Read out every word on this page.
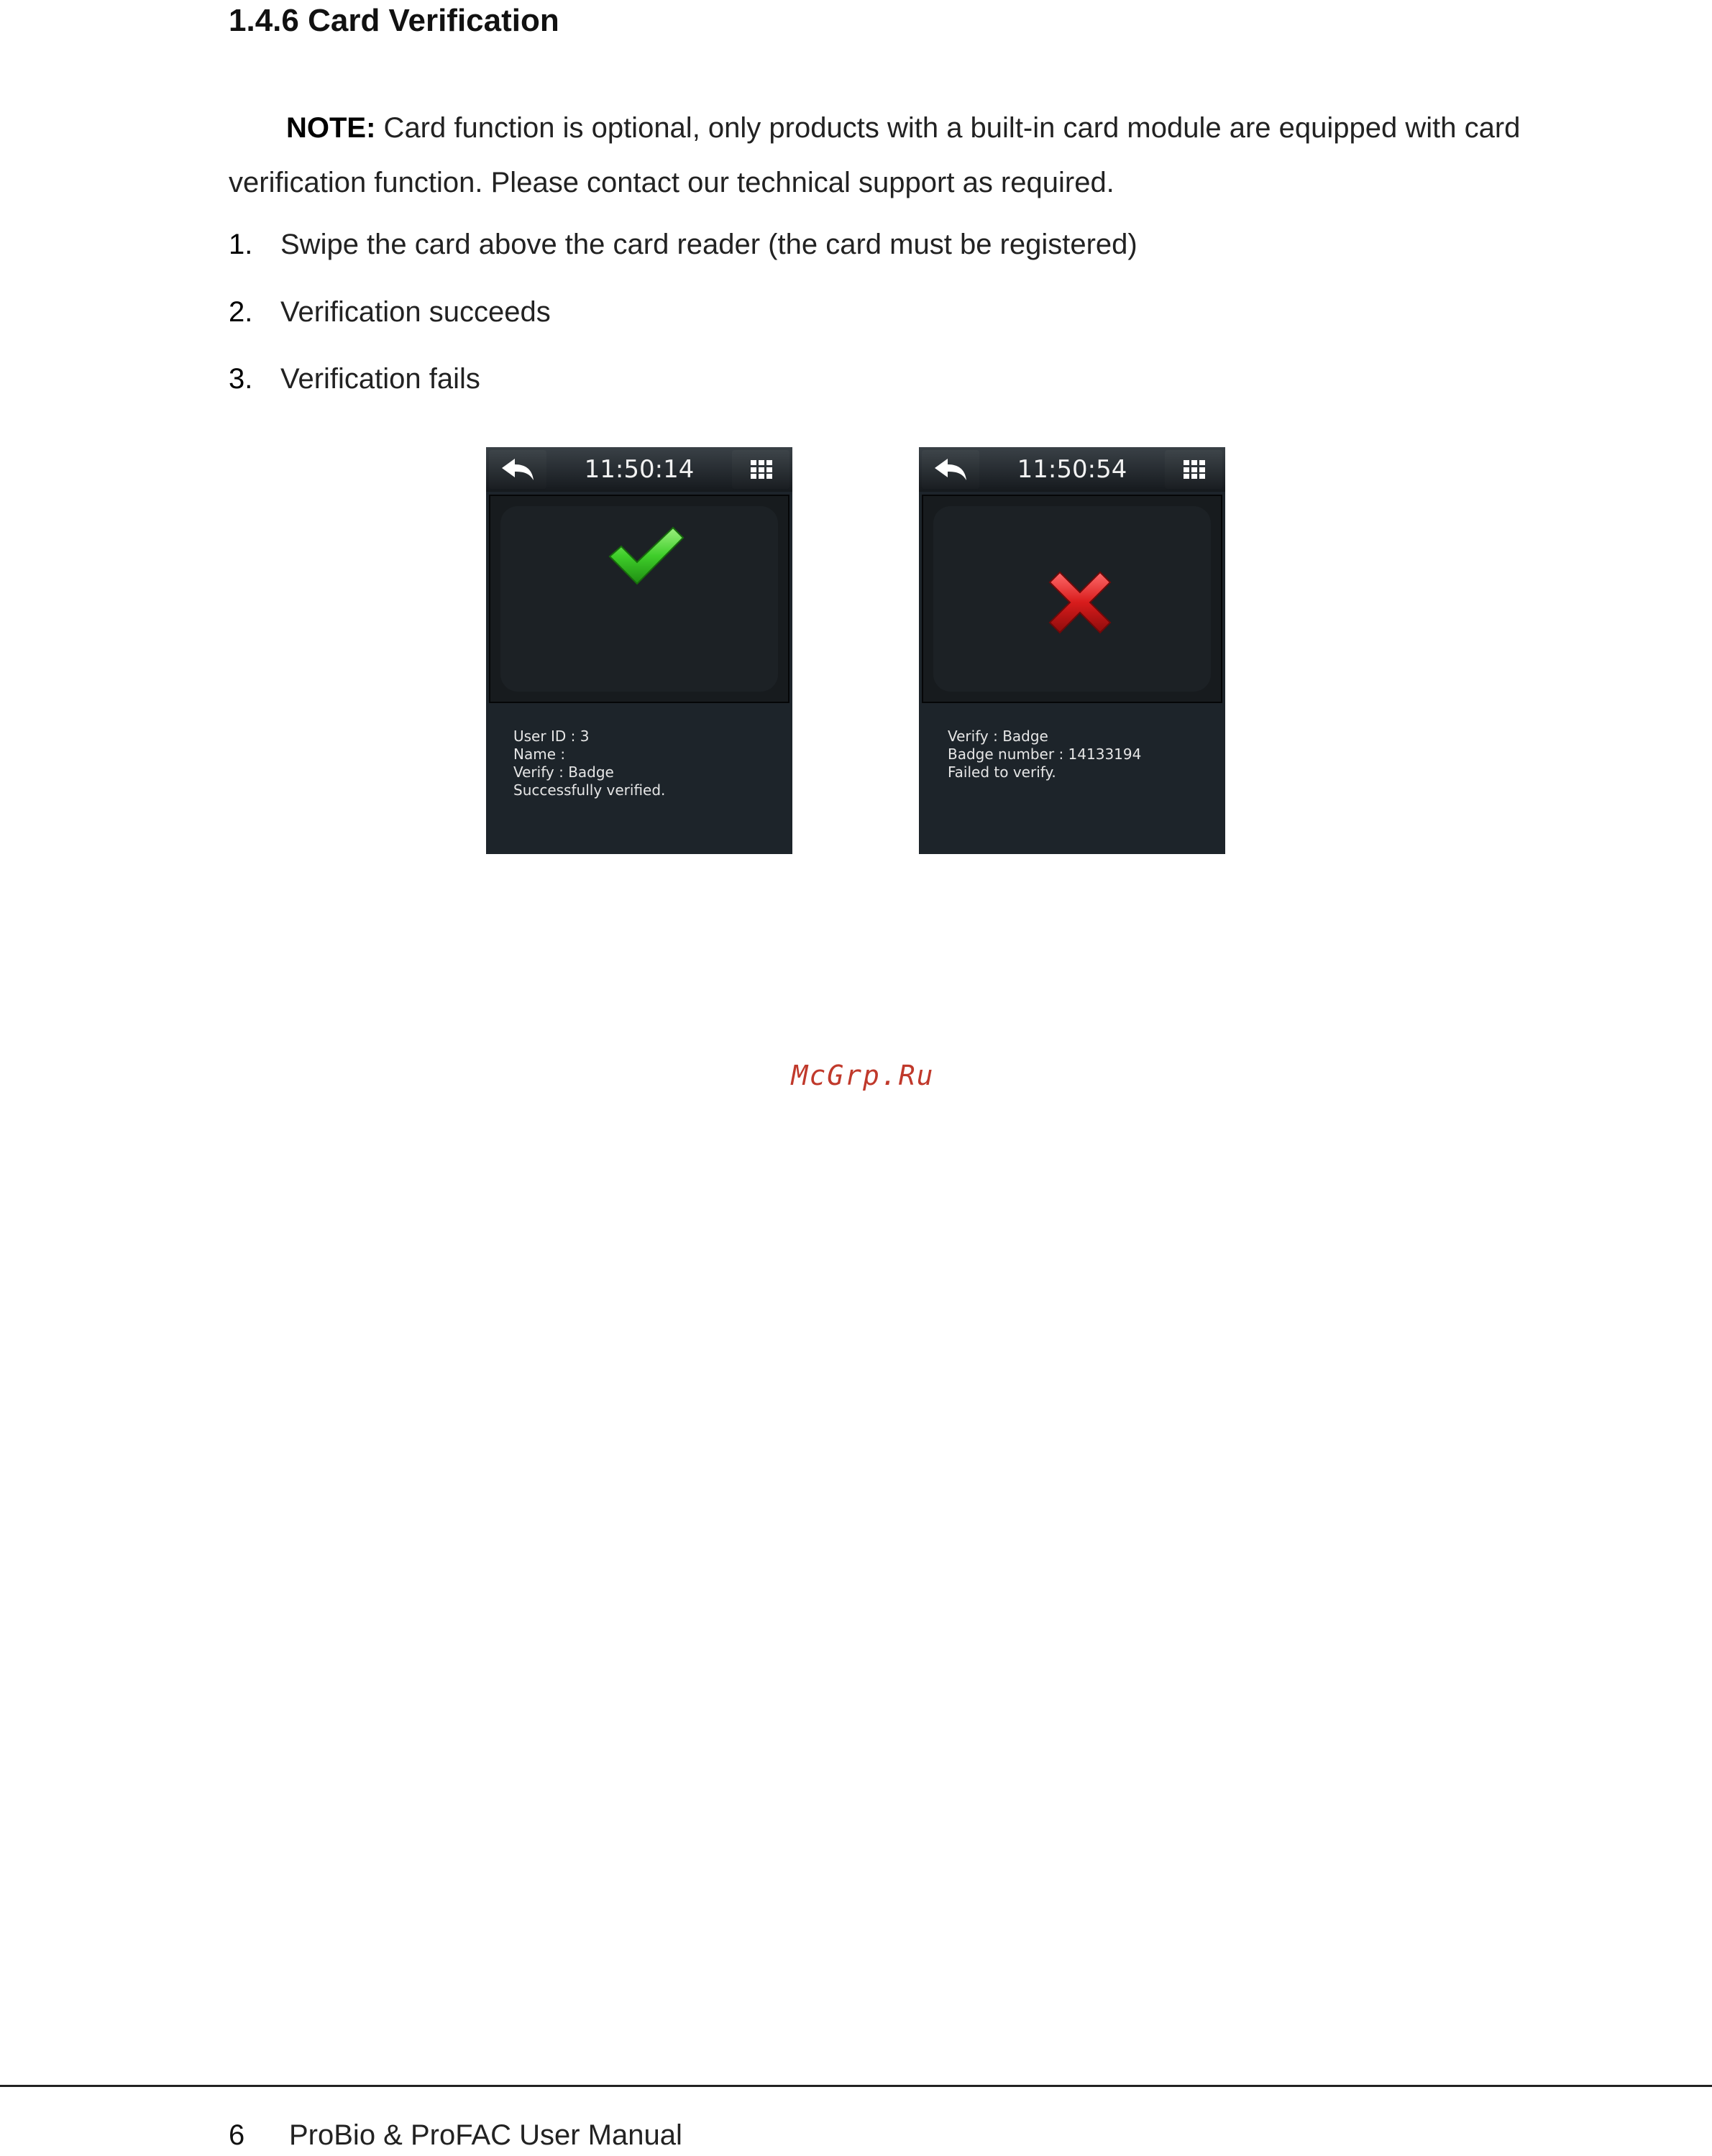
1.4.6 Card Verification
NOTE: Card function is optional, only products with a built-in card module are equipped with card verification function. Please contact our technical support as required.
1. Swipe the card above the card reader (the card must be registered)
2. Verification succeeds
3. Verification fails
11:50:14
User ID : 3
Name :
Verify : Badge
Successfully verified.
11:50:54
Verify : Badge
Badge number : 14133194
Failed to verify.
McGrp.Ru
6 ProBio & ProFAC User Manual
